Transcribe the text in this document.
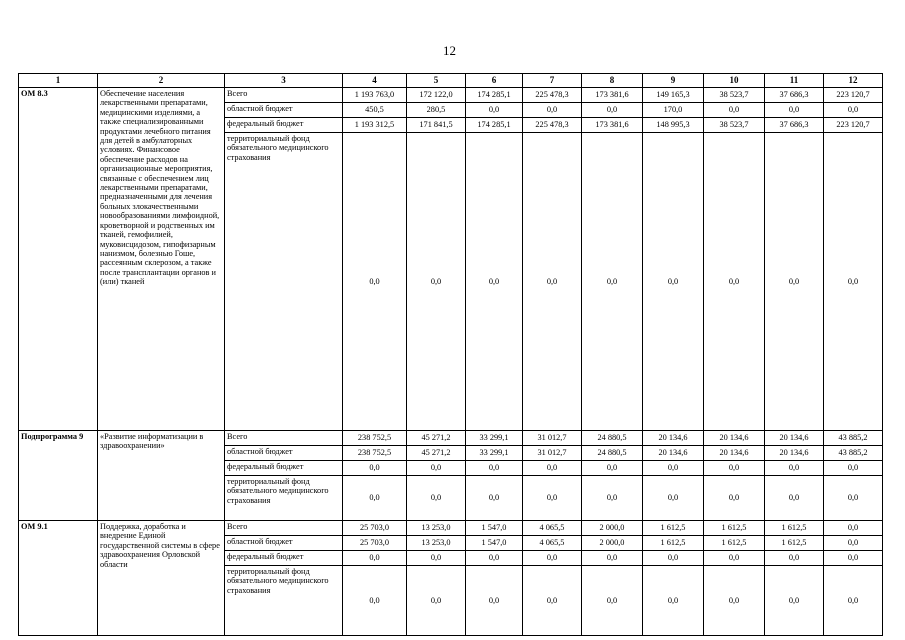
12
1	2	3	4	5	6	7	8	9	10	11	12
ОМ 8.3	Обеспечение населения лекарственными препаратами, медицинскими изделиями, а также специализированными продуктами лечебного питания для детей в амбулаторных условиях. Финансовое обеспечение расходов на организационные мероприятия, связанные с обеспечением лиц лекарственными препаратами, предназначенными для лечения больных злокачественными новообразованиями лимфоидной, кроветворной и родственных им тканей, гемофилией, муковисцидозом, гипофизарным нанизмом, болезнью Гоше, рассеянным склерозом, а также после трансплантации органов и (или) тканей	Всего	1 193 763,0	172 122,0	174 285,1	225 478,3	173 381,6	149 165,3	38 523,7	37 686,3	223 120,7
		областной бюджет	450,5	280,5	0,0	0,0	0,0	170,0	0,0	0,0	0,0
		федеральный бюджет	1 193 312,5	171 841,5	174 285,1	225 478,3	173 381,6	148 995,3	38 523,7	37 686,3	223 120,7
		территориальный фонд обязательного медицинского страхования	0,0	0,0	0,0	0,0	0,0	0,0	0,0	0,0	0,0
Подпрограмма 9	«Развитие информатизации в здравоохранении»	Всего	238 752,5	45 271,2	33 299,1	31 012,7	24 880,5	20 134,6	20 134,6	20 134,6	43 885,2
		областной бюджет	238 752,5	45 271,2	33 299,1	31 012,7	24 880,5	20 134,6	20 134,6	20 134,6	43 885,2
		федеральный бюджет	0,0	0,0	0,0	0,0	0,0	0,0	0,0	0,0	0,0
		территориальный фонд обязательного медицинского страхования	0,0	0,0	0,0	0,0	0,0	0,0	0,0	0,0	0,0
ОМ 9.1	Поддержка, доработка и внедрение Единой государственной системы в сфере здравоохранения Орловской области	Всего	25 703,0	13 253,0	1 547,0	4 065,5	2 000,0	1 612,5	1 612,5	1 612,5	0,0
		областной бюджет	25 703,0	13 253,0	1 547,0	4 065,5	2 000,0	1 612,5	1 612,5	1 612,5	0,0
		федеральный бюджет	0,0	0,0	0,0	0,0	0,0	0,0	0,0	0,0	0,0
		территориальный фонд обязательного медицинского страхования	0,0	0,0	0,0	0,0	0,0	0,0	0,0	0,0	0,0
